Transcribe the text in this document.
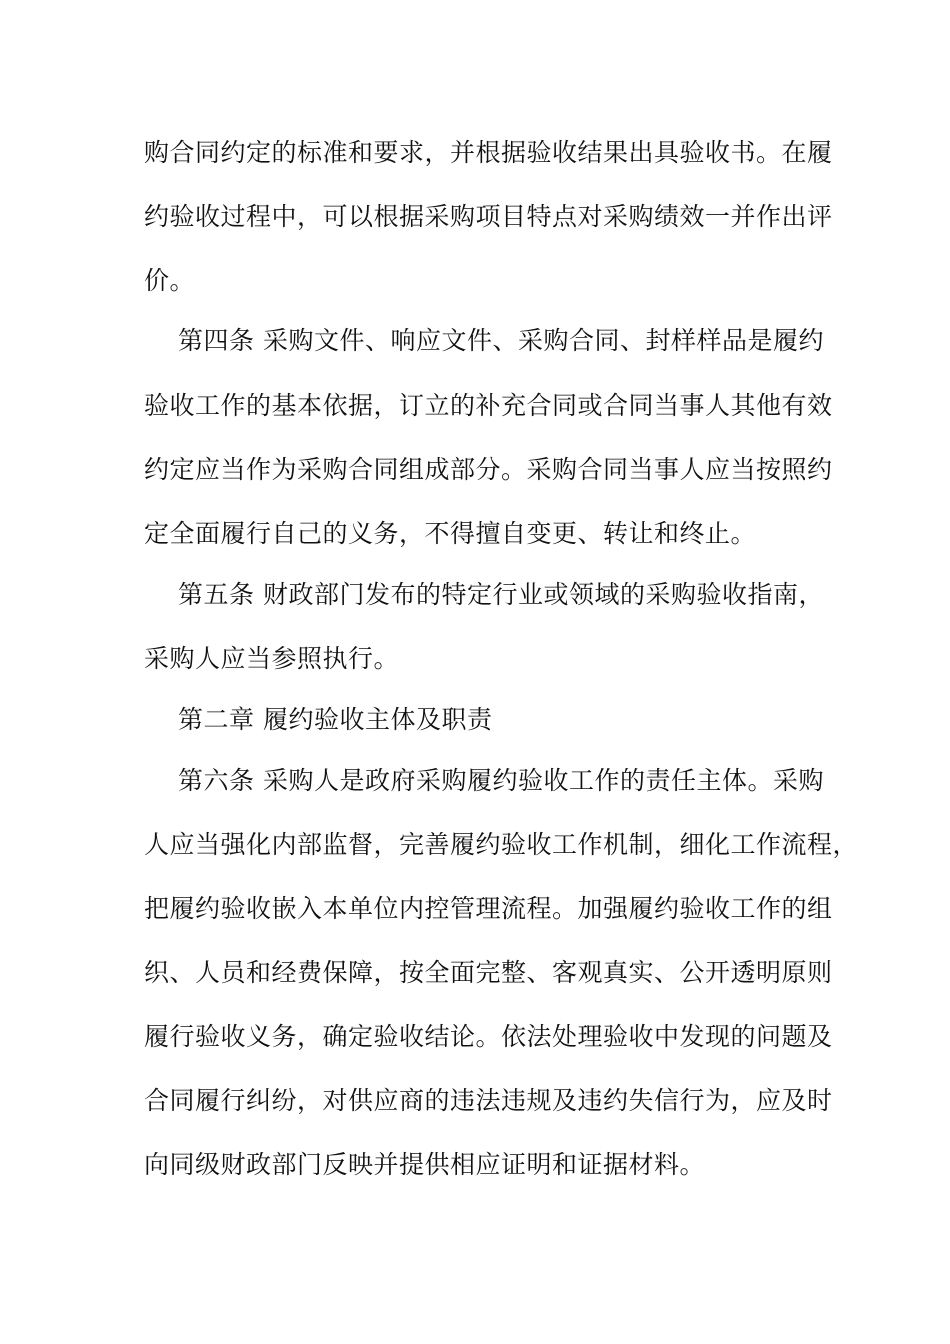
购合同约定的标准和要求，并根据验收结果出具验收书。在履
约验收过程中，可以根据采购项目特点对采购绩效一并作出评
价。
第四条 采购文件、响应文件、采购合同、封样样品是履约
验收工作的基本依据，订立的补充合同或合同当事人其他有效
约定应当作为采购合同组成部分。采购合同当事人应当按照约
定全面履行自己的义务，不得擅自变更、转让和终止。
第五条 财政部门发布的特定行业或领域的采购验收指南，
采购人应当参照执行。
第二章 履约验收主体及职责
第六条 采购人是政府采购履约验收工作的责任主体。采购
人应当强化内部监督，完善履约验收工作机制，细化工作流程，
把履约验收嵌入本单位内控管理流程。加强履约验收工作的组
织、人员和经费保障，按全面完整、客观真实、公开透明原则
履行验收义务，确定验收结论。依法处理验收中发现的问题及
合同履行纠纷，对供应商的违法违规及违约失信行为，应及时
向同级财政部门反映并提供相应证明和证据材料。
